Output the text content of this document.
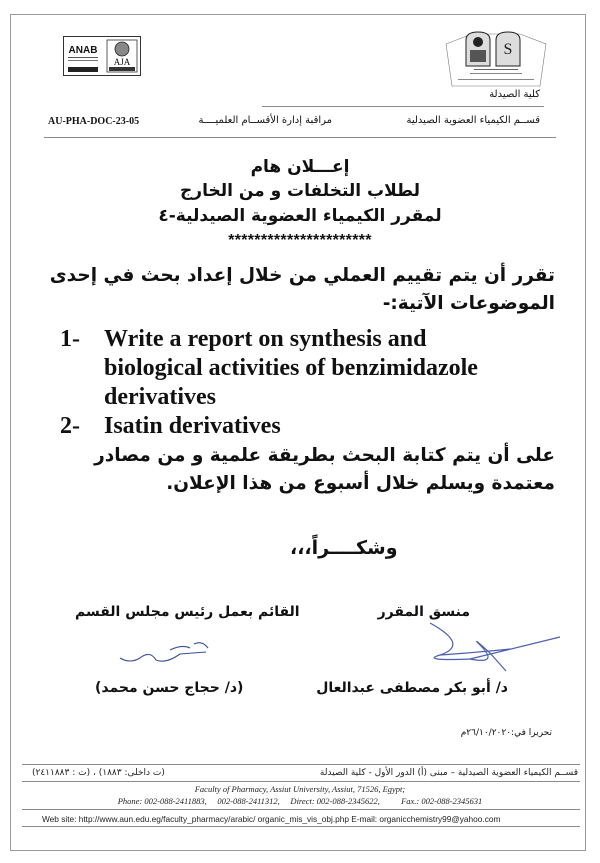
ANAB
AJA
S
كلية الصيدلة
قســم الكيمياء العضوية الصيدلية
مراقبة إدارة الأقســام العلميــــة
AU-PHA-DOC-23-05
إعـــلان هام
لطلاب التخلفات و من الخارج
لمقرر الكيمياء العضوية الصيدلية-٤
**********************
تقرر أن يتم تقييم العملي من خلال إعداد بحث في إحدى الموضوعات الآتية:-
1- Write a report on synthesis and
biological activities of benzimidazole
derivatives
2- Isatin derivatives
على أن يتم كتابة البحث بطريقة علمية و من مصادر معتمدة ويسلم خلال أسبوع من هذا الإعلان.
وشكــــراً،،،
منسق المقرر
د/ أبو بكر مصطفى عبدالعال
القائم بعمل رئيس مجلس القسم
(د/ حجاج حسن محمد)
تحريرا في:٢٦/١٠/٢٠٢٠م
قســم الكيمياء العضوية الصيدلية – مبنى (أ) الدور الأول - كلية الصيدلة
(ت داخلى: ١٨٨٣) ، (ت : ٢٤١١٨٨٣)
Faculty of Pharmacy, Assiut University, Assiut, 71526, Egypt;
Phone: 002-088-2411883,     002-088-2411312,     Direct: 002-088-2345622,          Fax.: 002-088-2345631
Web site: http://www.aun.edu.eg/faculty_pharmacy/arabic/ organic_mis_vis_obj.php E-mail: organicchemistry99@yahoo.com
